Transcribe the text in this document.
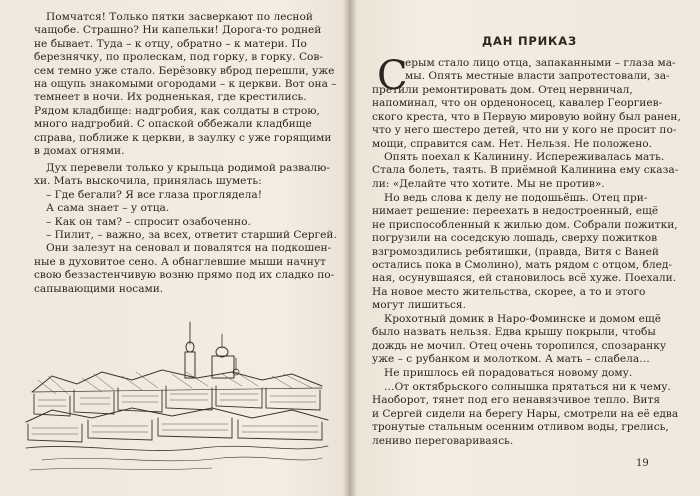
Помчатся! Только пятки засверкают по лесной
чащобе. Страшно? Ни капельки! Дорога-то родней
не бывает. Туда – к отцу, обратно – к матери. По
березнячку, по пролескам, под горку, в горку. Сов-
сем темно уже стало. Берёзовку вброд перешли, уже
на ощупь знакомыми огородами – к церкви. Вот она –
темнеет в ночи. Их родненькая, где крестились.
Рядом кладбище: надгробия, как солдаты в строю,
много надгробий. С опаской оббежали кладбище
справа, поближе к церкви, в заулку с уже горящими
в домах огнями.

Дух перевели только у крыльца родимой развалю-
хи. Мать выскочила, принялась шуметь:
– Где бегали? Я все глаза проглядела!
А сама знает – у отца.
– Как он там? – спросит озабоченно.
– Пилит, – важно, за всех, ответит старший Сергей.
Они залезут на сеновал и повалятся на подкошен-
ные в духовитое сено. А обнаглевшие мыши начнут
свою беззастенчивую возню прямо под их сладко по-
сапывающими носами.

ДАН ПРИКАЗ
С

ерым стало лицо отца, запаканными – глаза ма-
мы. Опять местные власти запротестовали, за-

претили ремонтировать дом. Отец нервничал,
напоминал, что он орденоносец, кавалер Георгиев-
ского креста, что в Первую мировую войну был ранен,
что у него шестеро детей, что ни у кого не просит по-
мощи, справится сам. Нет. Нельзя. Не положено.

Опять поехал к Калинину. Испереживалась мать.
Стала болеть, таять. В приёмной Калинина ему сказа-
ли: «Делайте что хотите. Мы не против».

Но ведь слова к делу не подошьёшь. Отец при-
нимает решение: переехать в недостроенный, ещё
не приспособленный к жилью дом. Собрали пожитки,
погрузили на соседскую лошадь, сверху пожитков
взгромоздились ребятишки, (правда, Витя с Ваней
остались пока в Смолино), мать рядом с отцом, блед-
ная, осунувшаяся, ей становилось всё хуже. Поехали.
На новое место жительства, скорее, а то и этого
могут лишиться.

Крохотный домик в Наро-Фоминске и домом ещё
было назвать нельзя. Едва крышу покрыли, чтобы
дождь не мочил. Отец очень торопился, спозаранку
уже – с рубанком и молотком. А мать – слабела…

Не пришлось ей порадоваться новому дому.

…От октябрьского солнышка прятаться ни к чему.
Наоборот, тянет под его ненавязчивое тепло. Витя
и Сергей сидели на берегу Нары, смотрели на её едва
тронутые стальным осенним отливом воды, грелись,
лениво переговариваясь.

19
